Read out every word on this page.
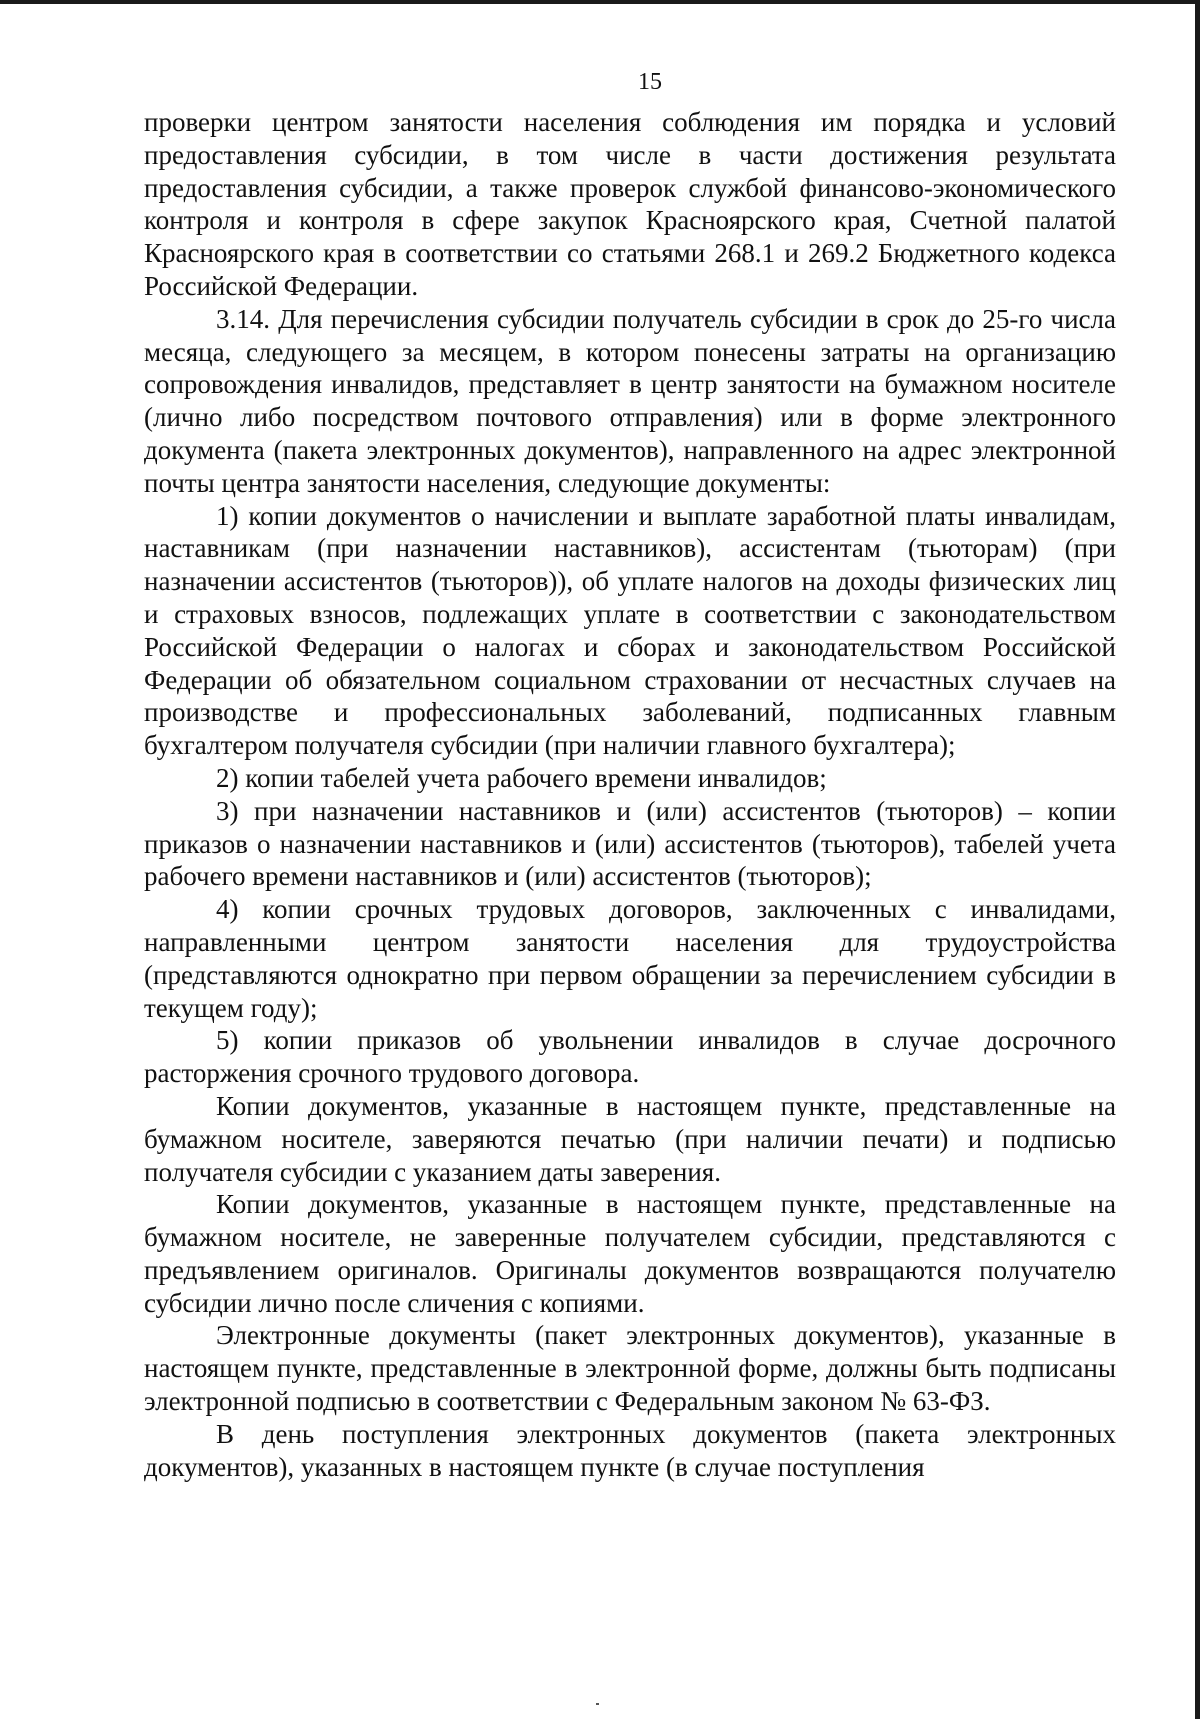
15

проверки центром занятости населения соблюдения им порядка и условий предоставления субсидии, в том числе в части достижения результата предоставления субсидии, а также проверок службой финансово-экономического контроля и контроля в сфере закупок Красноярского края, Счетной палатой Красноярского края в соответствии со статьями 268.1 и 269.2 Бюджетного кодекса Российской Федерации.

3.14. Для перечисления субсидии получатель субсидии в срок до 25-го числа месяца, следующего за месяцем, в котором понесены затраты на организацию сопровождения инвалидов, представляет в центр занятости на бумажном носителе (лично либо посредством почтового отправления) или в форме электронного документа (пакета электронных документов), направленного на адрес электронной почты центра занятости населения, следующие документы:

1) копии документов о начислении и выплате заработной платы инвалидам, наставникам (при назначении наставников), ассистентам (тьюторам) (при назначении ассистентов (тьюторов)), об уплате налогов на доходы физических лиц и страховых взносов, подлежащих уплате в соответствии с законодательством Российской Федерации о налогах и сборах и законодательством Российской Федерации об обязательном социальном страховании от несчастных случаев на производстве и профессиональных заболеваний, подписанных главным бухгалтером получателя субсидии (при наличии главного бухгалтера);

2) копии табелей учета рабочего времени инвалидов;

3) при назначении наставников и (или) ассистентов (тьюторов) – копии приказов о назначении наставников и (или) ассистентов (тьюторов), табелей учета рабочего времени наставников и (или) ассистентов (тьюторов);

4) копии срочных трудовых договоров, заключенных с инвалидами, направленными центром занятости населения для трудоустройства (представляются однократно при первом обращении за перечислением субсидии в текущем году);

5) копии приказов об увольнении инвалидов в случае досрочного расторжения срочного трудового договора.

Копии документов, указанные в настоящем пункте, представленные на бумажном носителе, заверяются печатью (при наличии печати) и подписью получателя субсидии с указанием даты заверения.

Копии документов, указанные в настоящем пункте, представленные на бумажном носителе, не заверенные получателем субсидии, представляются с предъявлением оригиналов. Оригиналы документов возвращаются получателю субсидии лично после сличения с копиями.

Электронные документы (пакет электронных документов), указанные в настоящем пункте, представленные в электронной форме, должны быть подписаны электронной подписью в соответствии с Федеральным законом № 63-ФЗ.

В день поступления электронных документов (пакета электронных документов), указанных в настоящем пункте (в случае поступления
